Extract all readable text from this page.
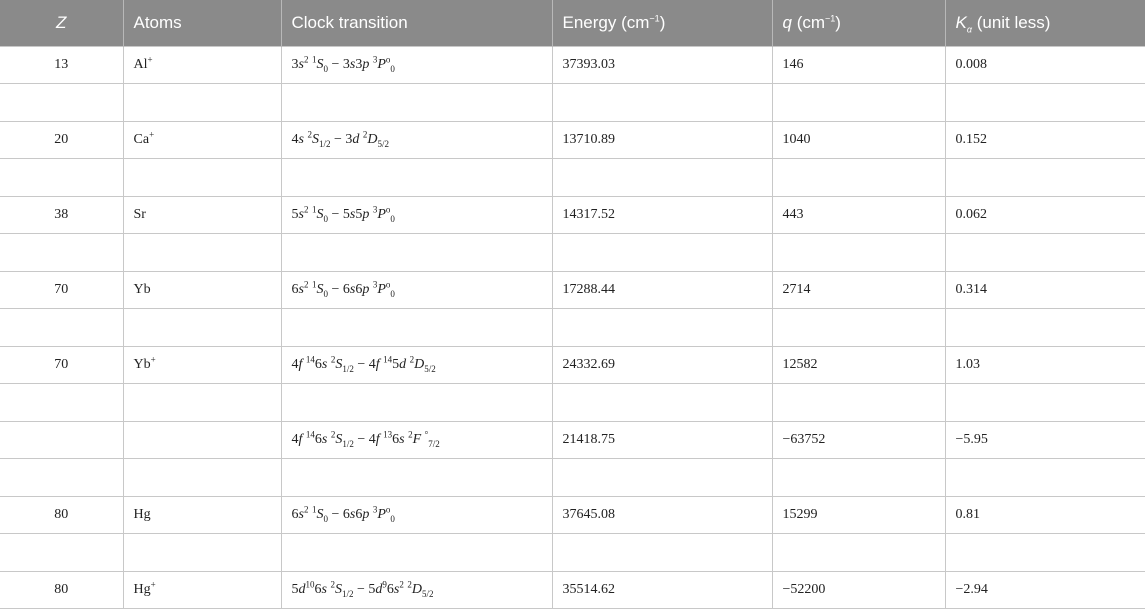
Z	Atoms	Clock transition	Energy $(cm^{-1})$	q $(cm^{-1})$	$K_\alpha$ (unit less)
13	Al+	$3s^2$ $^1S_0 - 3s3p$ $^3P^o_0$	37393.03	146	0.008

20	Ca+	4s $^2S_{1/2} - 3d$ $^2D_{5/2}$	13710.89	1040	0.152

38	Sr	$5s^2$ $^1S_0 - 5s5p$ $^3P^o_0$	14317.52	443	0.062

70	Yb	$6s^2$ $^1S_0 - 6s6p$ $^3P^o_0$	17288.44	2714	0.314

70	Yb+	4f $^{14}$6s $^2S_{1/2} - 4f$ $^{14}$5d $^2D_{5/2}$	24332.69	12582	1.03

		4f $^{14}$6s $^2S_{1/2} - 4f$ $^{13}$6s $^2$F °$_{7/2}$	21418.75	−63752	−5.95

80	Hg	$6s^2$ $^1S_0 - 6s6p$ $^3P^o_0$	37645.08	15299	0.81

80	Hg+	$5d^{10}6s$ $^2S_{1/2} - 5d^96s^2$ $^2D_{5/2}$	35514.62	−52200	−2.94
